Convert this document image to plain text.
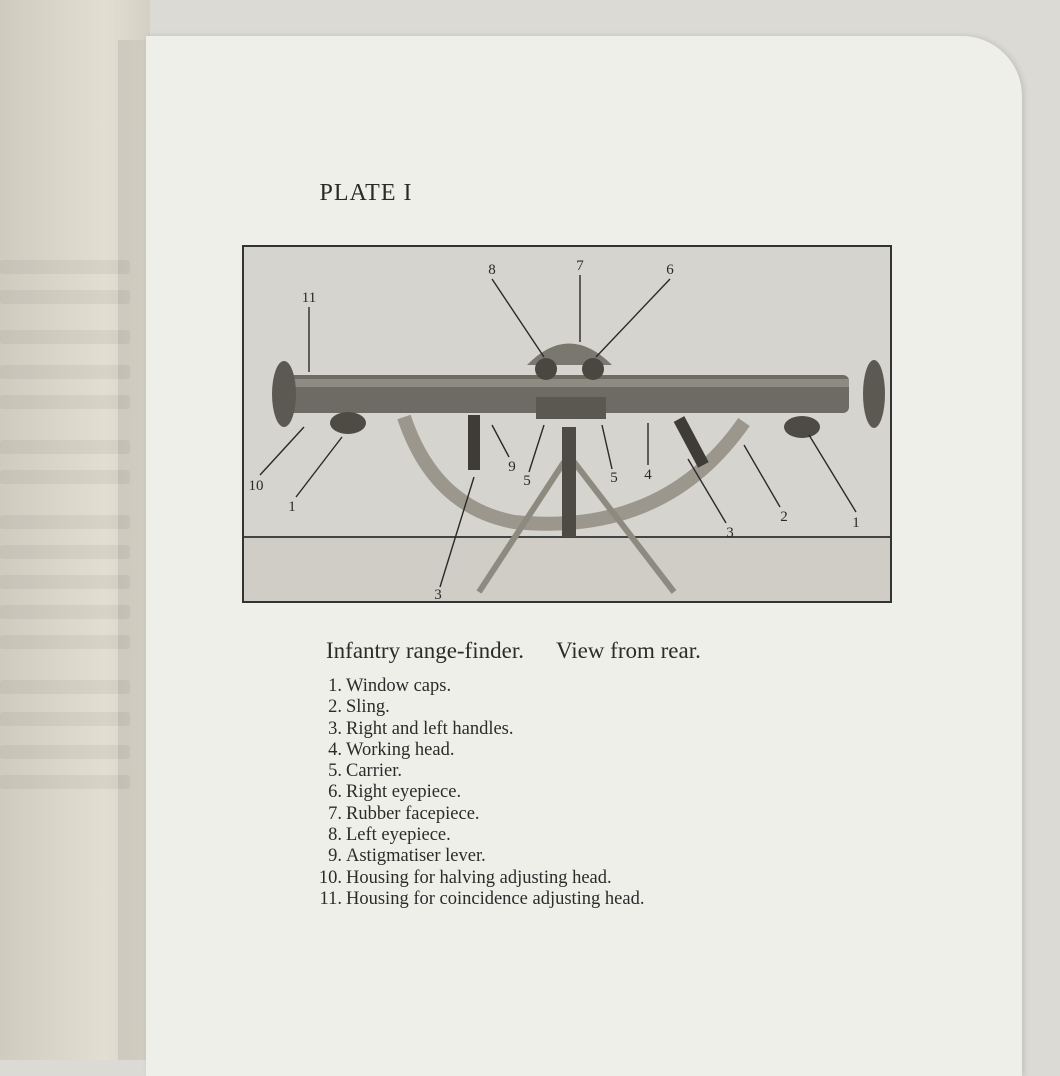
PLATE I
11
8	7	6
10
1
9
5	5 4
3
2	1
3
Infantry range-finder. View from rear.
1. Window caps.
2. Sling.
3. Right and left handles.
4. Working head.
5. Carrier.
6. Right eyepiece.
7. Rubber facepiece.
8. Left eyepiece.
9. Astigmatiser lever.
10. Housing for halving adjusting head.
11. Housing for coincidence adjusting head.
